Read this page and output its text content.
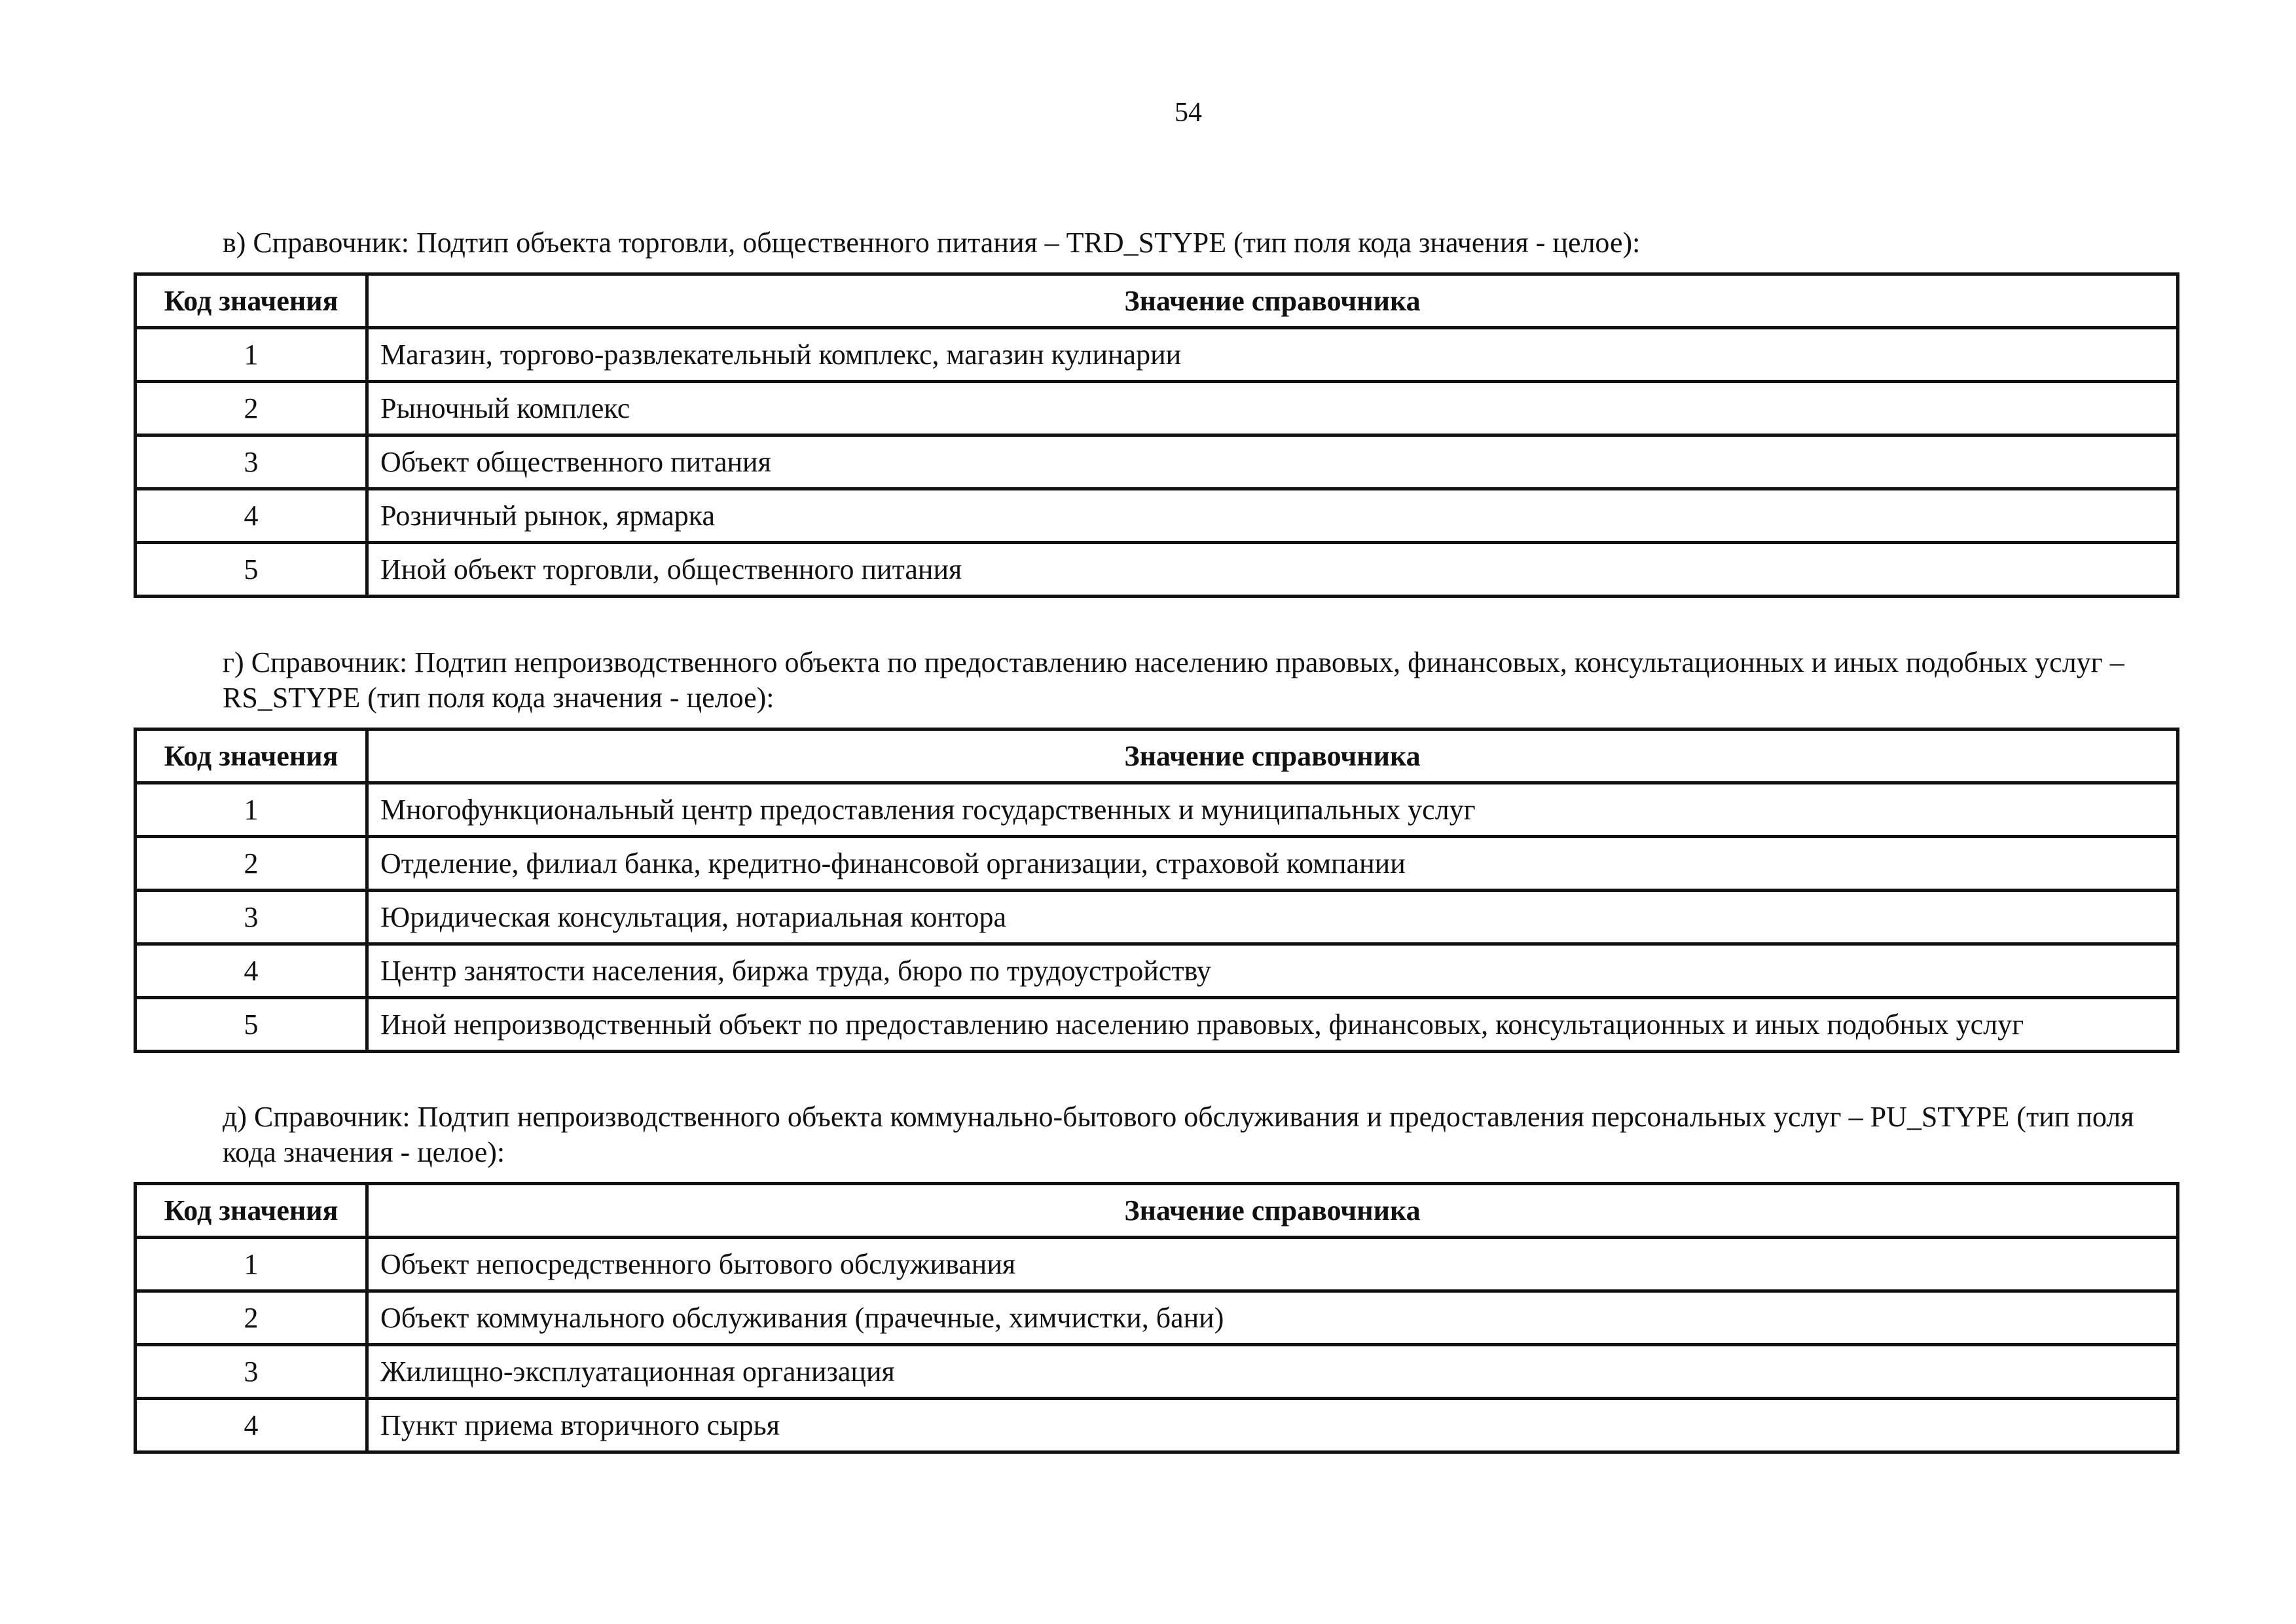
54
в) Справочник: Подтип объекта торговли, общественного питания – TRD_STYPE (тип поля кода значения - целое):
Код значения	Значение справочника
1	Магазин, торгово-развлекательный комплекс, магазин кулинарии
2	Рыночный комплекс
3	Объект общественного питания
4	Розничный рынок, ярмарка
5	Иной объект торговли, общественного питания
г) Справочник: Подтип непроизводственного объекта по предоставлению населению правовых, финансовых, консультационных и иных подобных услуг – RS_STYPE (тип поля кода значения - целое):
Код значения	Значение справочника
1	Многофункциональный центр предоставления государственных и муниципальных услуг
2	Отделение, филиал банка, кредитно-финансовой организации, страховой компании
3	Юридическая консультация, нотариальная контора
4	Центр занятости населения, биржа труда, бюро по трудоустройству
5	Иной непроизводственный объект по предоставлению населению правовых, финансовых, консультационных и иных подобных услуг
д) Справочник: Подтип непроизводственного объекта коммунально-бытового обслуживания и предоставления персональных услуг – PU_STYPE (тип поля кода значения - целое):
Код значения	Значение справочника
1	Объект непосредственного бытового обслуживания
2	Объект коммунального обслуживания (прачечные, химчистки, бани)
3	Жилищно-эксплуатационная организация
4	Пункт приема вторичного сырья
